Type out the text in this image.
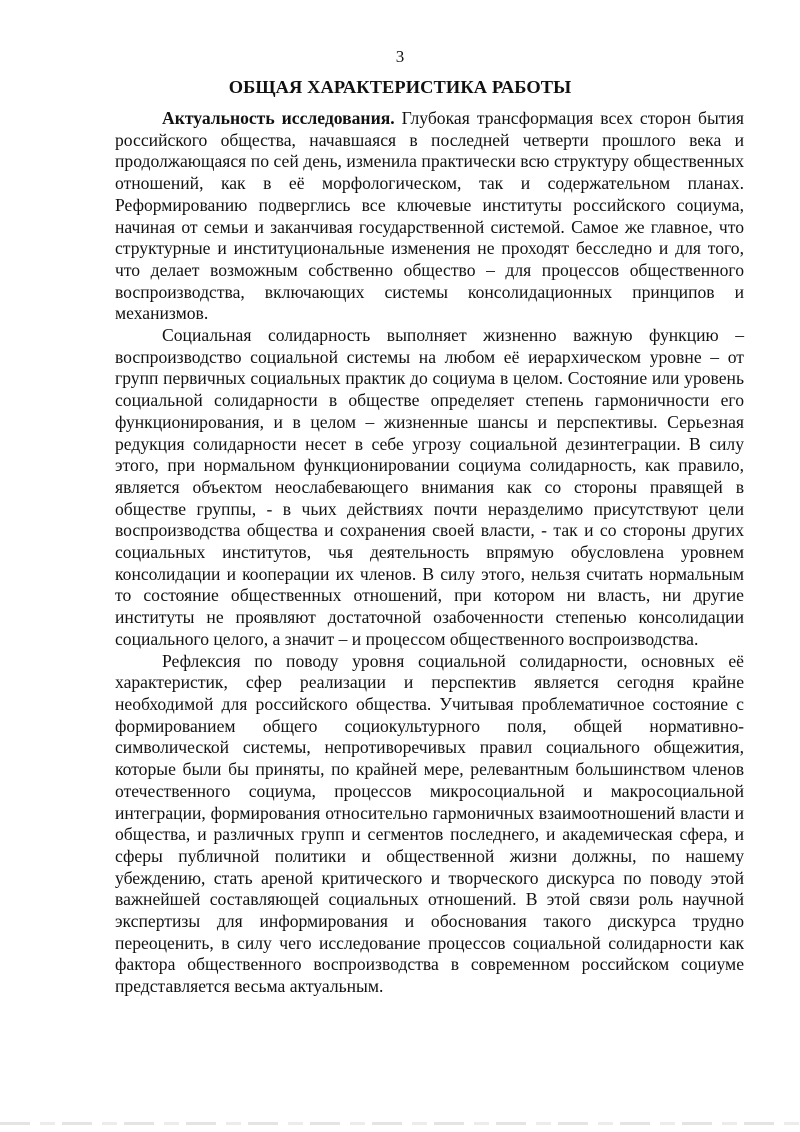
3
ОБЩАЯ ХАРАКТЕРИСТИКА РАБОТЫ

Актуальность исследования. Глубокая трансформация всех сторон бытия российского общества, начавшаяся в последней четверти прошлого века и продолжающаяся по сей день, изменила практически всю структуру общественных отношений, как в её морфологическом, так и содержательном планах. Реформированию подверглись все ключевые институты российского социума, начиная от семьи и заканчивая государственной системой. Самое же главное, что структурные и институциональные изменения не проходят бесследно и для того, что делает возможным собственно общество – для процессов общественного воспроизводства, включающих системы консолидационных принципов и механизмов.

Социальная солидарность выполняет жизненно важную функцию – воспроизводство социальной системы на любом её иерархическом уровне – от групп первичных социальных практик до социума в целом. Состояние или уровень социальной солидарности в обществе определяет степень гармоничности его функционирования, и в целом – жизненные шансы и перспективы. Серьезная редукция солидарности несет в себе угрозу социальной дезинтеграции. В силу этого, при нормальном функционировании социума солидарность, как правило, является объектом неослабевающего внимания как со стороны правящей в обществе группы, - в чьих действиях почти неразделимо присутствуют цели воспроизводства общества и сохранения своей власти, - так и со стороны других социальных институтов, чья деятельность впрямую обусловлена уровнем консолидации и кооперации их членов. В силу этого, нельзя считать нормальным то состояние общественных отношений, при котором ни власть, ни другие институты не проявляют достаточной озабоченности степенью консолидации социального целого, а значит – и процессом общественного воспроизводства.

Рефлексия по поводу уровня социальной солидарности, основных её характеристик, сфер реализации и перспектив является сегодня крайне необходимой для российского общества. Учитывая проблематичное состояние с формированием общего социокультурного поля, общей нормативно-символической системы, непротиворечивых правил социального общежития, которые были бы приняты, по крайней мере, релевантным большинством членов отечественного социума, процессов микросоциальной и макросоциальной интеграции, формирования относительно гармоничных взаимоотношений власти и общества, и различных групп и сегментов последнего, и академическая сфера, и сферы публичной политики и общественной жизни должны, по нашему убеждению, стать ареной критического и творческого дискурса по поводу этой важнейшей составляющей социальных отношений. В этой связи роль научной экспертизы для информирования и обоснования такого дискурса трудно переоценить, в силу чего исследование процессов социальной солидарности как фактора общественного воспроизводства в современном российском социуме представляется весьма актуальным.
